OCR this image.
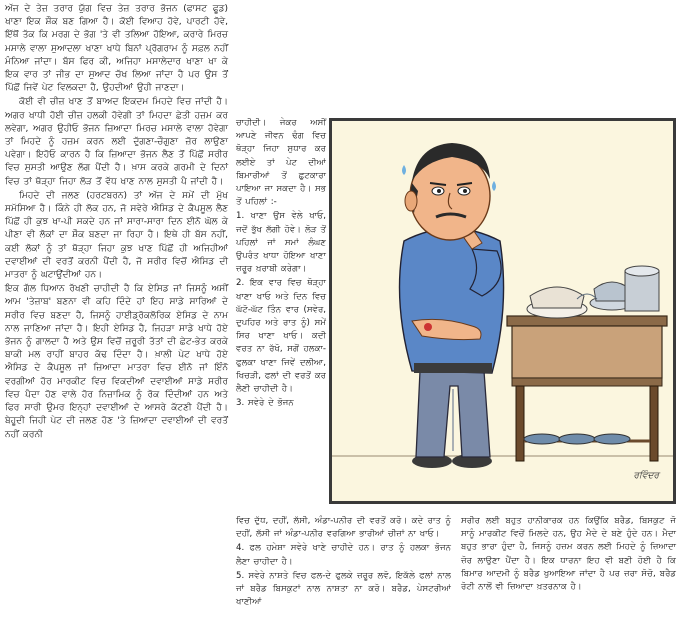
ਅੱਜ ਦੇ ਤੇਜ਼ ਤਰਾਰ ਯੁੱਗ ਵਿਚ ਤੇਜ਼ ਤਰਾਰ ਭੋਜਨ (ਫਾਸਟ ਫੂਡ) ਖਾਣਾ ਇਕ ਸ਼ੌਕ ਬਣ ਗਿਆ ਹੈ। ਕੋਈ ਵਿਆਹ ਹੋਵੇ, ਪਾਰਟੀ ਹੋਵੇ, ਇੱਥੋਂ ਤੱਕ ਕਿ ਮਰਗ ਦੇ ਭੋਗ 'ਤੇ ਵੀ ਤਲਿਆ ਹੋਇਆ, ਕਰਾਰੇ ਮਿਰਚ ਮਸਾਲੇ ਵਾਲਾ ਸੁਆਦਲਾ ਖਾਣਾ ਖਾਧੇ ਬਿਨਾਂ ਪ੍ਰੋਗਰਾਮ ਨੂੰ ਸਫ਼ਲ ਨਹੀਂ ਮੰਨਿਆ ਜਾਂਦਾ। ਬੱਸ ਫਿਰ ਕੀ, ਅਜਿਹਾ ਮਸਾਲੇਦਾਰ ਖਾਣਾ ਖਾ ਕੇ ਇਕ ਵਾਰ ਤਾਂ ਜੀਭ ਦਾ ਸੁਆਦ ਚੱਖ ਲਿਆ ਜਾਂਦਾ ਹੈ ਪਰ ਉਸ ਤੋਂ ਪਿੱਛੋਂ ਜਿਵੇਂ ਪੇਟ ਵਿਲਕਦਾ ਹੈ, ਉਹਦੀਆਂ ਉਹੀ ਜਾਣਦਾ।

ਕੋਈ ਵੀ ਚੀਜ਼ ਖਾਣ ਤੋਂ ਬਾਅਦ ਇਕਦਮ ਮਿਹਦੇ ਵਿਚ ਜਾਂਦੀ ਹੈ। ਅਗਰ ਖਾਧੀ ਹੋਈ ਚੀਜ਼ ਹਲਕੀ ਹੋਵੇਗੀ ਤਾਂ ਮਿਹਦਾ ਛੇਤੀ ਹਜ਼ਮ ਕਰ ਲਵੇਗਾ, ਅਗਰ ਉਹੀਓ ਭੋਜਨ ਜ਼ਿਆਦਾ ਮਿਰਚ ਮਸਾਲੇ ਵਾਲਾ ਹੋਵੇਗਾ ਤਾਂ ਮਿਹਦੇ ਨੂੰ ਹਜ਼ਮ ਕਰਨ ਲਈ ਦੁੱਗਣਾ-ਚੌਗੁਣਾ ਜ਼ੋਰ ਲਾਉਣਾ ਪਵੇਗਾ। ਇਹੋਓ ਕਾਰਨ ਹੈ ਕਿ ਜ਼ਿਆਦਾ ਭੋਜਨ ਲੈਣ ਤੋਂ ਪਿੱਛੋਂ ਸਰੀਰ ਵਿਚ ਸੁਸਤੀ ਆਉਣ ਲੱਗ ਪੈਂਦੀ ਹੈ। ਖ਼ਾਸ ਕਰਕੇ ਗਰਮੀ ਦੇ ਦਿਨਾਂ ਵਿਚ ਤਾਂ ਥੋੜ੍ਹਾ ਜਿਹਾ ਲੋੜ ਤੋਂ ਵੱਧ ਖਾਣ ਨਾਲ ਸੁਸਤੀ ਪੈ ਜਾਂਦੀ ਹੈ।

ਮਿਹਦੇ ਦੀ ਜਲਣ (ਹਰਟਬਰਨ) ਤਾਂ ਅੱਜ ਦੇ ਸਮੇਂ ਦੀ ਮੁੱਖ ਸਮੱਸਿਆ ਹੈ। ਕਿੰਨੇ ਹੀ ਲੋਕ ਹਨ, ਜੋ ਸਵੇਰੇ ਐਸਿਡ ਦੇ ਕੈਪਸੂਲ ਲੈਣ ਪਿੱਛੋਂ ਹੀ ਕੁਝ ਖਾ-ਪੀ ਸਕਦੇ ਹਨ ਜਾਂ ਸਾਰਾ-ਸਾਰਾ ਦਿਨ ਈਨੋ ਘੋਲ ਕੇ ਪੀਣਾ ਵੀ ਲੋਕਾਂ ਦਾ ਸ਼ੌਕ ਬਣਦਾ ਜਾ ਰਿਹਾ ਹੈ। ਇਥੇ ਹੀ ਬੱਸ ਨਹੀਂ, ਕਈ ਲੋਕਾਂ ਨੂੰ ਤਾਂ ਥੋੜ੍ਹਾ ਜਿਹਾ ਕੁਝ ਖਾਣ ਪਿੱਛੋਂ ਹੀ ਅਜਿਹੀਆਂ ਦਵਾਈਆਂ ਦੀ ਵਰਤੋਂ ਕਰਨੀ ਪੈਂਦੀ ਹੈ, ਜੋ ਸਰੀਰ ਵਿਚੋਂ ਐਸਿਡ ਦੀ ਮਾਤਰਾ ਨੂੰ ਘਟਾਉਂਦੀਆਂ ਹਨ।

ਇਕ ਗੱਲ ਧਿਆਨ ਰੱਖਣੀ ਚਾਹੀਦੀ ਹੈ ਕਿ ਏਸਿਡ ਜਾਂ ਜਿਸਨੂੰ ਅਸੀਂ ਆਮ 'ਤੇਜ਼ਾਬ' ਬਣਨਾ ਵੀ ਕਹਿ ਦਿੰਦੇ ਹਾਂ ਇਹ ਸਾਡੇ ਸਾਰਿਆਂ ਦੇ ਸਰੀਰ ਵਿਚ ਬਣਦਾ ਹੈ, ਜਿਸਨੂੰ ਹਾਈਡ੍ਰੋਕਲੋਰਿਕ ਏਸਿਡ ਦੇ ਨਾਮ ਨਾਲ ਜਾਣਿਆ ਜਾਂਦਾ ਹੈ। ਇਹੀ ਏਸਿਡ ਹੈ, ਜਿਹੜਾ ਸਾਡੇ ਖਾਧੇ ਹੋਏ ਭੋਜਨ ਨੂੰ ਗਾਲਦਾ ਹੈ ਅਤੇ ਉਸ ਵਿਚੋਂ ਜ਼ਰੂਰੀ ਤੱਤਾਂ ਦੀ ਛੇਟ-ਭੇਤ ਕਰਕੇ ਬਾਕੀ ਮਲ ਰਾਹੀਂ ਬਾਹਰ ਕੱਢ ਦਿੰਦਾ ਹੈ। ਖ਼ਾਲੀ ਪੇਟ ਖਾਧੇ ਹੋਏ ਐਸਿਡ ਦੇ ਕੈਪਸੂਲ ਜਾਂ ਜ਼ਿਆਦਾ ਮਾਤਰਾ ਵਿਚ ਈਨੋ ਜਾਂ ਇੰਨੋ ਵਰਗੀਆਂ ਹੋਰ ਮਾਰਕੀਟ ਵਿਚ ਵਿਕਦੀਆਂ ਦਵਾਈਆਂ ਸਾਡੇ ਸਰੀਰ ਵਿਚ ਪੈਦਾ ਹੋਣ ਵਾਲੇ ਹੋਰ ਨਿਜ਼ਾਮਿਕ ਨੂੰ ਰੋਕ ਦਿੰਦੀਆਂ ਹਨ ਅਤੇ ਫਿਰ ਸਾਰੀ ਉਮਰ ਇਨ੍ਹਾਂ ਦਵਾਈਆਂ ਦੇ ਆਸਰੇ ਕੱਟਣੀ ਪੈਂਦੀ ਹੈ। ਬੇਹੂਦੀ ਜਿਹੀ ਪੇਟ ਦੀ ਜਲਣ ਹੋਣ 'ਤੇ ਜ਼ਿਆਦਾ ਦਵਾਈਆਂ ਦੀ ਵਰਤੋਂ ਨਹੀਂ ਕਰਨੀ

ਚਾਹੀਦੀ। ਜੇਕਰ ਅਸੀਂ ਆਪਣੇ ਜੀਵਨ ਢੰਗ ਵਿਚ ਥੋੜ੍ਹਾ ਜਿਹਾ ਸੁਧਾਰ ਕਰ ਲਈਏ ਤਾਂ ਪੇਟ ਦੀਆਂ ਬਿਮਾਰੀਆਂ ਤੋਂ ਛੁਟਕਾਰਾ ਪਾਇਆ ਜਾ ਸਕਦਾ ਹੈ। ਸਭ ਤੋਂ ਪਹਿਲਾਂ :-

1. ਖਾਣਾ ਉਸ ਵੇਲੇ ਖਾਓ, ਜਦੋਂ ਭੁੱਖ ਲੱਗੀ ਹੋਵੇ। ਲੋੜ ਤੋਂ ਪਹਿਲਾਂ ਜਾਂ ਸਮਾਂ ਲੰਘਣ ਉਪਰੰਤ ਖਾਧਾ ਹੋਇਆ ਖਾਣਾ ਜ਼ਰੂਰ ਖ਼ਰਾਬੀ ਕਰੇਗਾ।

2. ਇਕ ਵਾਰ ਵਿਚ ਥੋੜ੍ਹਾ ਖਾਣਾ ਖਾਓ ਅਤੇ ਦਿਨ ਵਿਚ ਘੱਟੋ-ਘੱਟ ਤਿੰਨ ਵਾਰ (ਸਵੇਰ, ਦੁਪਹਿਰ ਅਤੇ ਰਾਤ ਨੂੰ) ਸਮੇਂ ਸਿਰ ਖਾਣਾ ਖਾਓ। ਕਦੀ ਵਰਤ ਨਾ ਰੱਖੋ, ਸਗੋਂ ਹਲਕਾ-ਫੁਲਕਾ ਖਾਣਾ ਜਿਵੇਂ ਦਲੀਆ, ਖਿਚੜੀ, ਫਲਾਂ ਦੀ ਵਰਤੋਂ ਕਰ ਲੈਣੀ ਚਾਹੀਦੀ ਹੈ।

3. ਸਵੇਰੇ ਦੇ ਭੋਜਨ

ਵਿਚ ਦੁੱਧ, ਦਹੀਂ, ਲੱਸੀ, ਅੰਡਾ-ਪਨੀਰ ਦੀ ਵਰਤੋਂ ਕਰੋ। ਕਦੇ ਰਾਤ ਨੂੰ ਦਹੀਂ, ਲੱਸੀ ਜਾਂ ਅੰਡਾ-ਪਨੀਰ ਵਰਗਿਆ ਭਾਰੀਆਂ ਚੀਜ਼ਾਂ ਨਾ ਖਾਓ।

4. ਫਲ ਹਮੇਸ਼ਾ ਸਵੇਰੇ ਖਾਣੇ ਚਾਹੀਦੇ ਹਨ। ਰਾਤ ਨੂੰ ਹਲਕਾ ਭੋਜਨ ਲੈਣਾ ਚਾਹੀਦਾ ਹੈ।

5. ਸਵੇਰੇ ਨਾਸ਼ਤੇ ਵਿਚ ਫਲ-ਦੇ ਫੁਲਕੇ ਜ਼ਰੂਰ ਲਵੋ, ਇਕੱਲੇ ਫਲਾਂ ਨਾਲ ਜਾਂ ਬਰੈਡ ਬਿਸਕੁਟਾਂ ਨਾਲ ਨਾਸ਼ਤਾ ਨਾ ਕਰੋ। ਬਰੈਡ, ਪੇਸਟਰੀਆਂ ਖਾਣੀਆਂ

ਸਰੀਰ ਲਈ ਬਹੁਤ ਹਾਨੀਕਾਰਕ ਹਨ ਕਿਉਂਕਿ ਬਰੈਡ, ਬਿਸਕੁਟ ਜੋ ਸਾਨੂੰ ਮਾਰਕੀਟ ਵਿਚੋਂ ਮਿਲਦੇ ਹਨ, ਉਹ ਮੈਦੇ ਦੇ ਬਣੇ ਹੁੰਦੇ ਹਨ। ਮੈਦਾ ਬਹੁਤ ਭਾਰਾ ਹੁੰਦਾ ਹੈ, ਜਿਸਨੂੰ ਹਜ਼ਮ ਕਰਨ ਲਈ ਮਿਹਦੇ ਨੂੰ ਜ਼ਿਆਦਾ ਜ਼ੋਰ ਲਾਉਣਾ ਪੈਂਦਾ ਹੈ। ਇਕ ਧਾਰਨਾ ਇਹ ਵੀ ਬਣੀ ਹੋਈ ਹੈ ਕਿ ਬਿਮਾਰ ਆਦਮੀ ਨੂੰ ਬਰੈਡ ਖੁਆਇਆ ਜਾਂਦਾ ਹੈ ਪਰ ਜ਼ਰਾ ਸੋਚੋ, ਬਰੈਡ ਰੋਟੀ ਨਾਲੋਂ ਵੀ ਜ਼ਿਆਦਾ ਖ਼ਤਰਨਾਕ ਹੈ।

ਰਵਿੰਦਰ
